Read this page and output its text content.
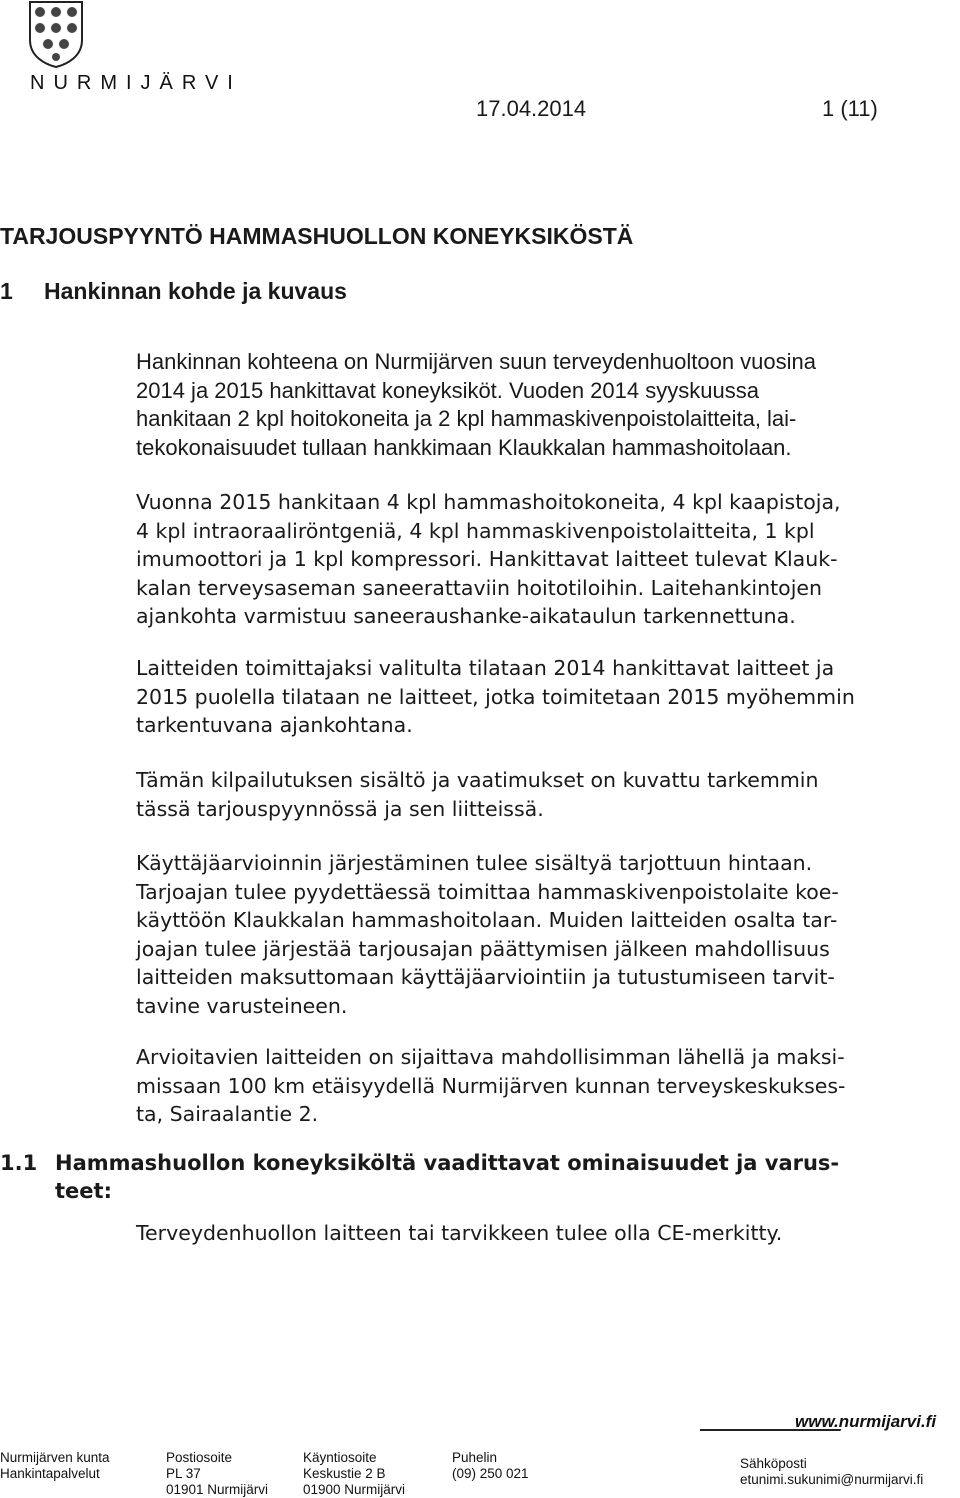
NURMIJÄRVI
17.04.2014	1 (11)
TARJOUSPYYNTÖ HAMMASHUOLLON KONEYKSIKÖSTÄ
1 Hankinnan kohde ja kuvaus

Hankinnan kohteena on Nurmijärven suun terveydenhuoltoon vuosina
2014 ja 2015 hankittavat koneyksiköt. Vuoden 2014 syyskuussa
hankitaan 2 kpl hoitokoneita ja 2 kpl hammaskivenpoistolaitteita, lai-
tekokonaisuudet tullaan hankkimaan Klaukkalan hammashoitolaan.

Vuonna 2015 hankitaan 4 kpl hammashoitokoneita, 4 kpl kaapistoja,
4 kpl intraoraaliröntgeniä, 4 kpl hammaskivenpoistolaitteita, 1 kpl
imumoottori ja 1 kpl kompressori. Hankittavat laitteet tulevat Klauk-
kalan terveysaseman saneerattaviin hoitotiloihin. Laitehankintojen
ajankohta varmistuu saneeraushanke-aikataulun tarkennettuna.

Laitteiden toimittajaksi valitulta tilataan 2014 hankittavat laitteet ja
2015 puolella tilataan ne laitteet, jotka toimitetaan 2015 myöhemmin
tarkentuvana ajankohtana.

Tämän kilpailutuksen sisältö ja vaatimukset on kuvattu tarkemmin
tässä tarjouspyynnössä ja sen liitteissä.

Käyttäjäarvioinnin järjestäminen tulee sisältyä tarjottuun hintaan.
Tarjoajan tulee pyydettäessä toimittaa hammaskivenpoistolaite koe-
käyttöön Klaukkalan hammashoitolaan. Muiden laitteiden osalta tar-
joajan tulee järjestää tarjousajan päättymisen jälkeen mahdollisuus
laitteiden maksuttomaan käyttäjäarviointiin ja tutustumiseen tarvit-
tavine varusteineen.

Arvioitavien laitteiden on sijaittava mahdollisimman lähellä ja maksi-
missaan 100 km etäisyydellä Nurmijärven kunnan terveyskeskukses-
ta, Sairaalantie 2.

1.1 Hammashuollon koneyksiköltä vaadittavat ominaisuudet ja varus-
teet:

Terveydenhuollon laitteen tai tarvikkeen tulee olla CE-merkitty.

www.nurmijarvi.fi
Nurmijärven kunta
Hankintapalvelut
Postiosoite
PL 37
01901 Nurmijärvi
Käyntiosoite
Keskustie 2 B
01900 Nurmijärvi
Puhelin
(09) 250 021
Sähköposti
etunimi.sukunimi@nurmijarvi.fi
